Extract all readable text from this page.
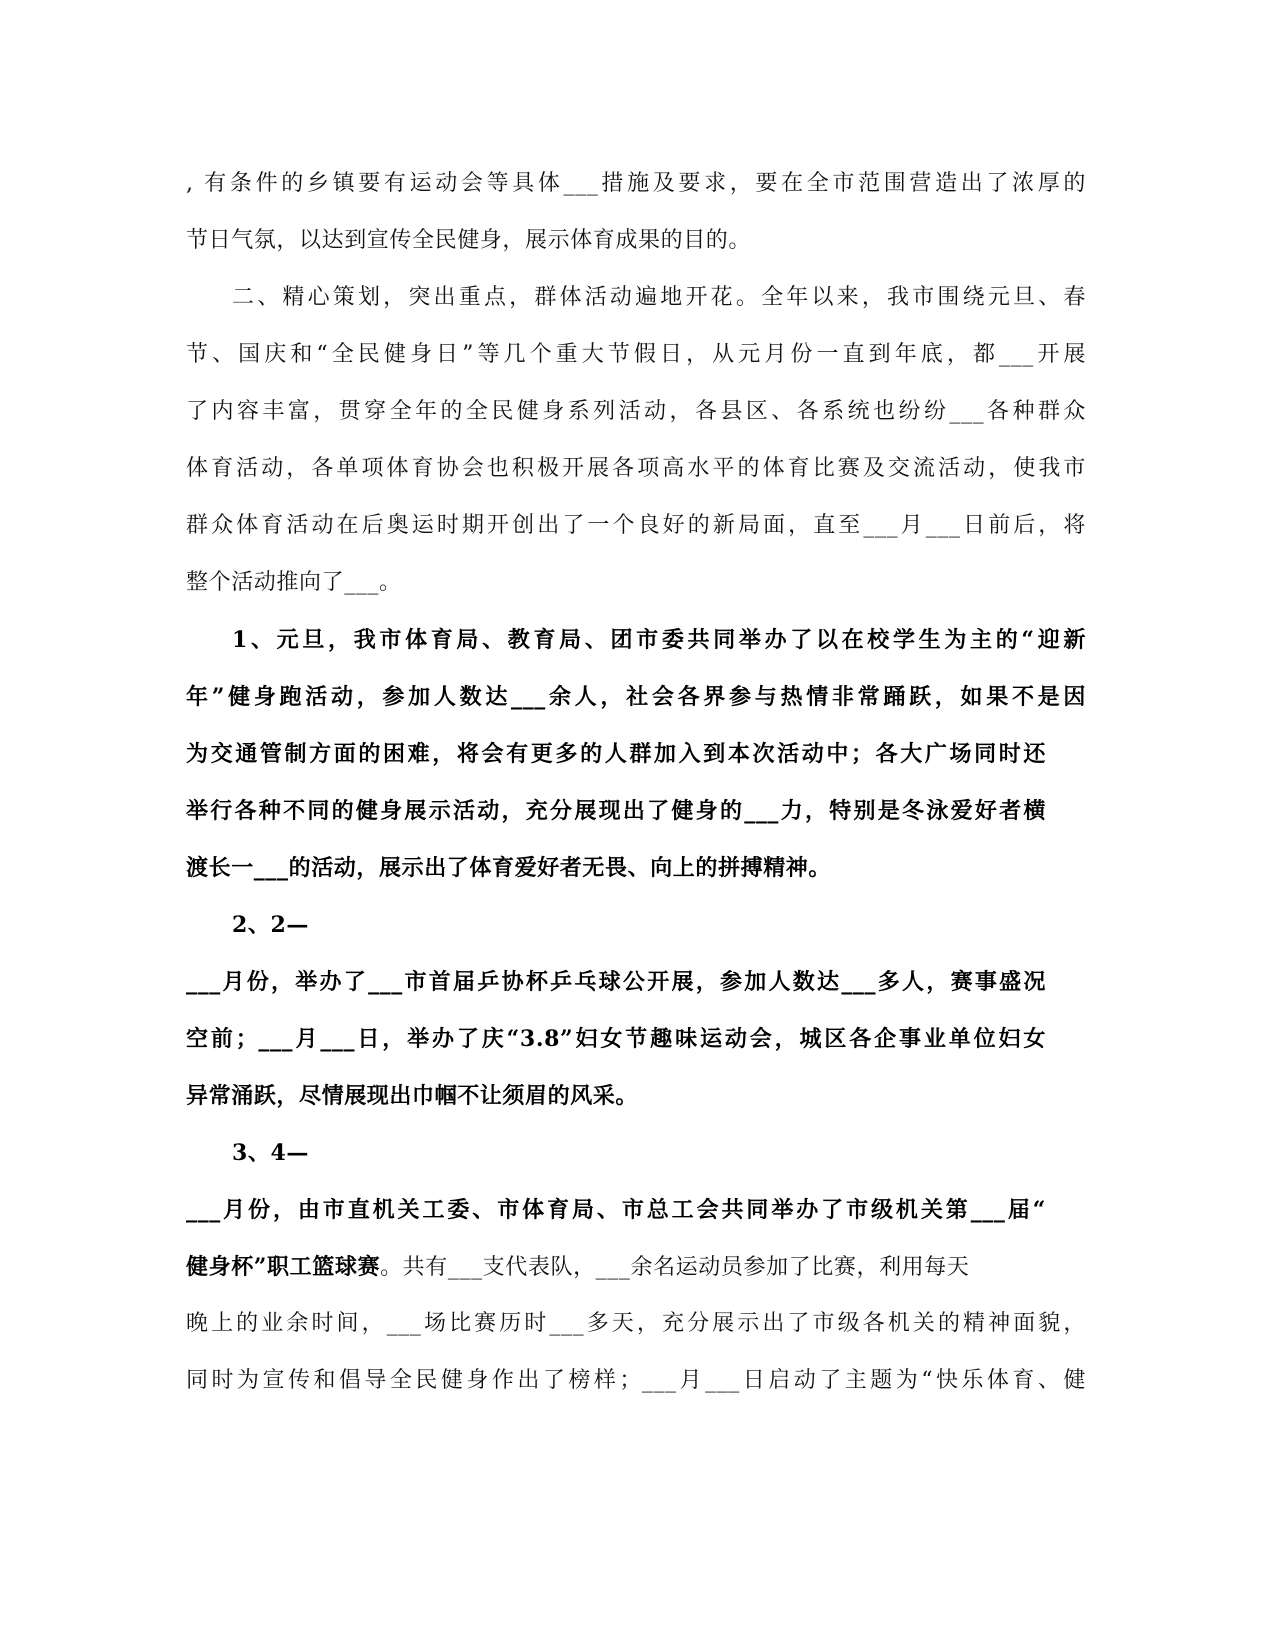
, 有条件的乡镇要有运动会等具体___措施及要求，要在全市范围营造出了浓厚的
节日气氛，以达到宣传全民健身，展示体育成果的目的。
二、精心策划，突出重点，群体活动遍地开花。全年以来，我市围绕元旦、春
节、国庆和“全民健身日”等几个重大节假日，从元月份一直到年底，都___开展
了内容丰富，贯穿全年的全民健身系列活动，各县区、各系统也纷纷___各种群众
体育活动，各单项体育协会也积极开展各项高水平的体育比赛及交流活动，使我市
群众体育活动在后奥运时期开创出了一个良好的新局面，直至___月___日前后，将
整个活动推向了___。
1、元旦，我市体育局、教育局、团市委共同举办了以在校学生为主的“迎新
年”健身跑活动，参加人数达___余人，社会各界参与热情非常踊跃，如果不是因
为交通管制方面的困难，将会有更多的人群加入到本次活动中；各大广场同时还
举行各种不同的健身展示活动，充分展现出了健身的___力，特别是冬泳爱好者横
渡长一___的活动，展示出了体育爱好者无畏、向上的拼搏精神。
2、2—
___月份，举办了___市首届乒协杯乒乓球公开展，参加人数达___多人，赛事盛况
空前；___月___日，举办了庆“3.8”妇女节趣味运动会，城区各企事业单位妇女
异常涌跃，尽情展现出巾帼不让须眉的风采。
3、4—
___月份，由市直机关工委、市体育局、市总工会共同举办了市级机关第___届“
健身杯”职工篮球赛。共有___支代表队，___余名运动员参加了比赛，利用每天
晚上的业余时间，___场比赛历时___多天，充分展示出了市级各机关的精神面貌，
同时为宣传和倡导全民健身作出了榜样；___月___日启动了主题为“快乐体育、健
